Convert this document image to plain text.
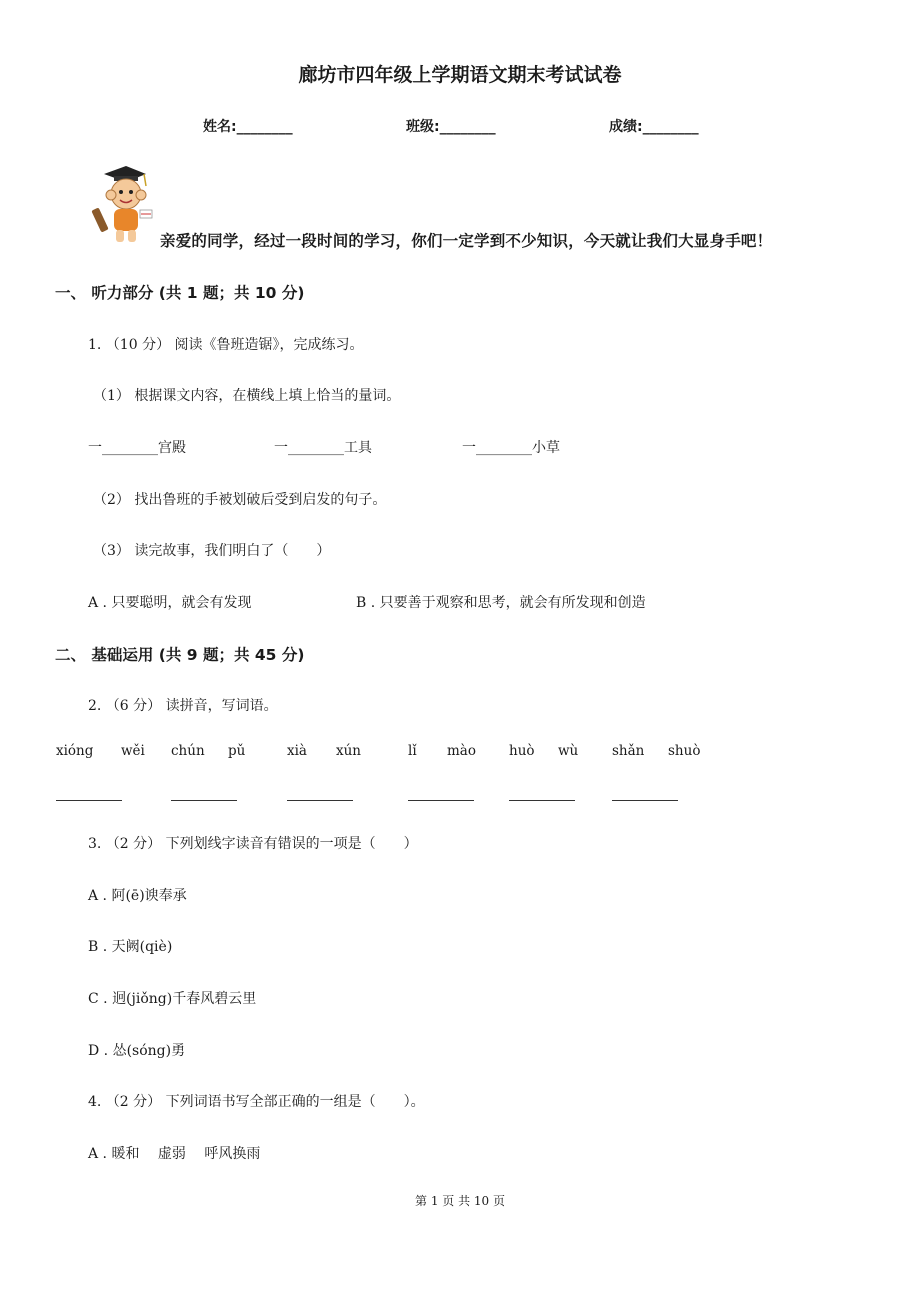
廊坊市四年级上学期语文期末考试试卷
姓名:________	班级:________	成绩:________
亲爱的同学，经过一段时间的学习，你们一定学到不少知识，今天就让我们大显身手吧！
一、 听力部分 (共 1 题；共 10 分)
1. （10 分） 阅读《鲁班造锯》，完成练习。
（1） 根据课文内容，在横线上填上恰当的量词。
一________宫殿	一________工具	一________小草
（2） 找出鲁班的手被划破后受到启发的句子。
（3） 读完故事，我们明白了（　　）
A . 只要聪明，就会有发现	B . 只要善于观察和思考，就会有所发现和创造
二、 基础运用 (共 9 题；共 45 分)
2. （6 分） 读拼音，写词语。
xióng wěi chún pǔ	xià xún	lǐ mào huò wù	shǎn shuò
3. （2 分） 下列划线字读音有错误的一项是（　　）
A . 阿(ē)谀奉承
B . 天阙(qiè)
C . 迥(jiǒng)千春风碧云里
D . 怂(sóng)勇
4. （2 分） 下列词语书写全部正确的一组是（　　）。
A . 暖和　 虚弱　 呼风换雨
第 1 页 共 10 页
